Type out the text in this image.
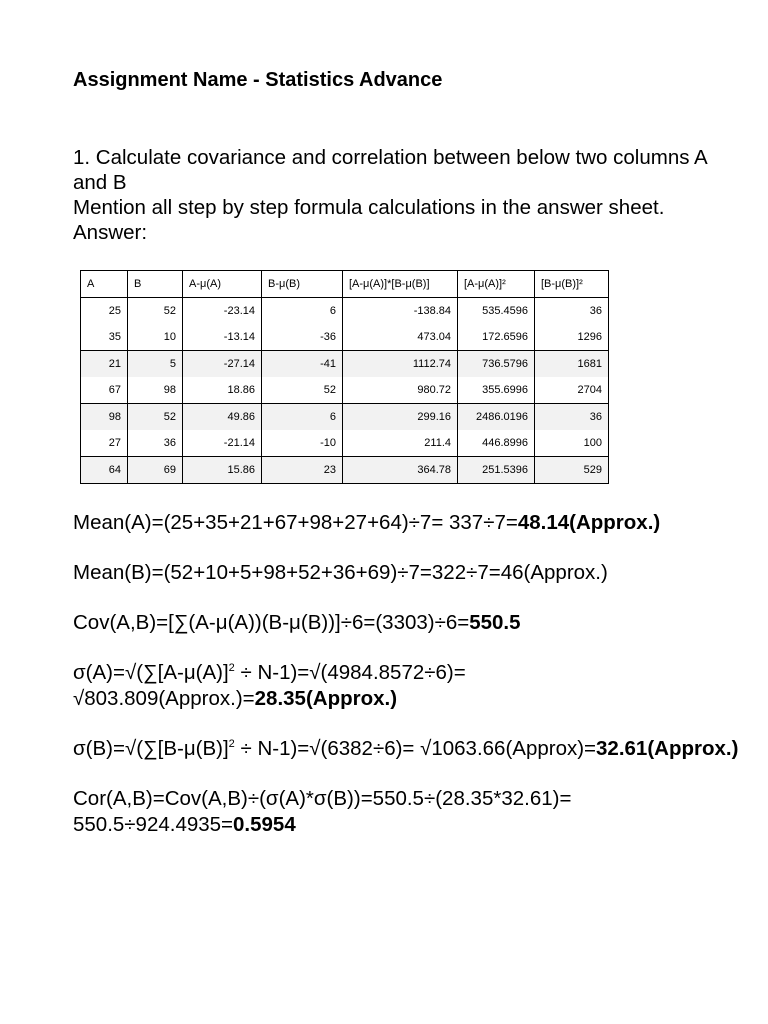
Assignment Name - Statistics Advance

1. Calculate covariance and correlation between below two columns A and B

Mention all step by step formula calculations in the answer sheet.

Answer:

A	B	A-μ(A)	B-μ(B)	[A-μ(A)]*[B-μ(B)]	[A-μ(A)]²	[B-μ(B)]²
25	52	-23.14	6	-138.84	535.4596	36
35	10	-13.14	-36	473.04	172.6596	1296
21	5	-27.14	-41	1112.74	736.5796	1681
67	98	18.86	52	980.72	355.6996	2704
98	52	49.86	6	299.16	2486.0196	36
27	36	-21.14	-10	211.4	446.8996	100
64	69	15.86	23	364.78	251.5396	529

Mean(A)=(25+35+21+67+98+27+64)÷7= 337÷7=48.14(Approx.)

Mean(B)=(52+10+5+98+52+36+69)÷7=322÷7=46(Approx.)

Cov(A,B)=[∑(A-μ(A))(B-μ(B))]÷6=(3303)÷6=550.5

$\sigma(A)=√(\sum[A-\mu(A)]^2 \div N-1)=√(4984.8572\div 6)=$ √803.809(Approx.)=28.35(Approx.)

$\sigma(B)=√(\sum[B-\mu(B)]^2 \div N-1)=√(6382\div 6)=$ √1063.66(Approx)=32.61(Approx.)

Cor(A,B)=Cov(A,B)÷(σ(A)*σ(B))=550.5÷(28.35*32.61)= 550.5÷924.4935=0.5954
